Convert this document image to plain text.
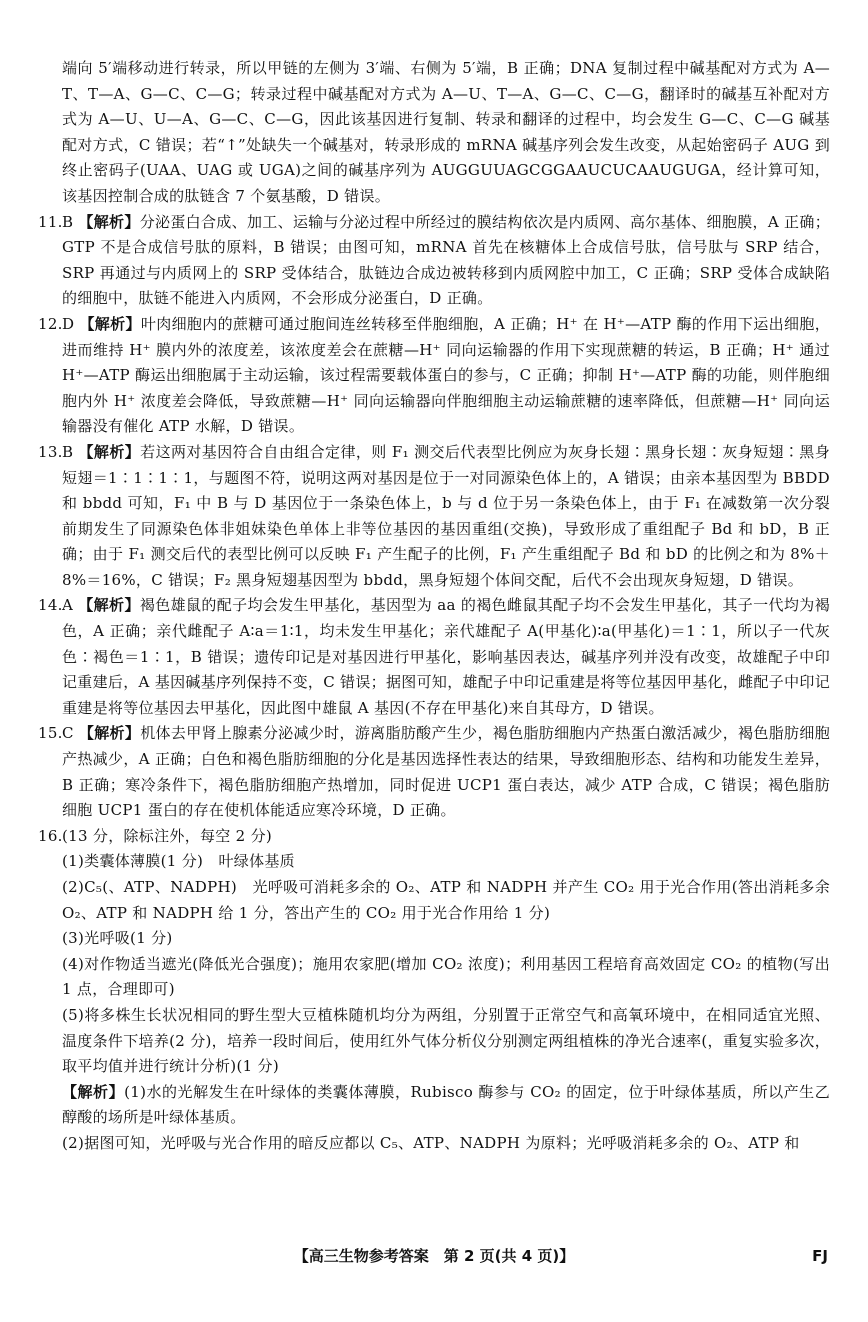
端向 5′端移动进行转录，所以甲链的左侧为 3′端、右侧为 5′端，B 正确；DNA 复制过程中碱基配对方式为 A—T、T—A、G—C、C—G；转录过程中碱基配对方式为 A—U、T—A、G—C、C—G，翻译时的碱基互补配对方式为 A—U、U—A、G—C、C—G，因此该基因进行复制、转录和翻译的过程中，均会发生 G—C、C—G 碱基配对方式，C 错误；若“↑”处缺失一个碱基对，转录形成的 mRNA 碱基序列会发生改变，从起始密码子 AUG 到终止密码子(UAA、UAG 或 UGA)之间的碱基序列为 AUGGUUAGCGGAAUCUCAAUGUGA，经计算可知，该基因控制合成的肽链含 7 个氨基酸，D 错误。

11.B 【解析】分泌蛋白合成、加工、运输与分泌过程中所经过的膜结构依次是内质网、高尔基体、细胞膜，A 正确；GTP 不是合成信号肽的原料，B 错误；由图可知，mRNA 首先在核糖体上合成信号肽，信号肽与 SRP 结合，SRP 再通过与内质网上的 SRP 受体结合，肽链边合成边被转移到内质网腔中加工，C 正确；SRP 受体合成缺陷的细胞中，肽链不能进入内质网，不会形成分泌蛋白，D 正确。

12.D 【解析】叶肉细胞内的蔗糖可通过胞间连丝转移至伴胞细胞，A 正确；H⁺ 在 H⁺—ATP 酶的作用下运出细胞，进而维持 H⁺ 膜内外的浓度差，该浓度差会在蔗糖—H⁺ 同向运输器的作用下实现蔗糖的转运，B 正确；H⁺ 通过 H⁺—ATP 酶运出细胞属于主动运输，该过程需要载体蛋白的参与，C 正确；抑制 H⁺—ATP 酶的功能，则伴胞细胞内外 H⁺ 浓度差会降低，导致蔗糖—H⁺ 同向运输器向伴胞细胞主动运输蔗糖的速率降低，但蔗糖—H⁺ 同向运输器没有催化 ATP 水解，D 错误。

13.B 【解析】若这两对基因符合自由组合定律，则 F₁ 测交后代表型比例应为灰身长翅∶黑身长翅∶灰身短翅∶黑身短翅＝1∶1∶1∶1，与题图不符，说明这两对基因是位于一对同源染色体上的，A 错误；由亲本基因型为 BBDD 和 bbdd 可知，F₁ 中 B 与 D 基因位于一条染色体上，b 与 d 位于另一条染色体上，由于 F₁ 在减数第一次分裂前期发生了同源染色体非姐妹染色单体上非等位基因的基因重组(交换)，导致形成了重组配子 Bd 和 bD，B 正确；由于 F₁ 测交后代的表型比例可以反映 F₁ 产生配子的比例，F₁ 产生重组配子 Bd 和 bD 的比例之和为 8%＋8%＝16%，C 错误；F₂ 黑身短翅基因型为 bbdd，黑身短翅个体间交配，后代不会出现灰身短翅，D 错误。

14.A 【解析】褐色雄鼠的配子均会发生甲基化，基因型为 aa 的褐色雌鼠其配子均不会发生甲基化，其子一代均为褐色，A 正确；亲代雌配子 A∶a＝1∶1，均未发生甲基化；亲代雄配子 A(甲基化)∶a(甲基化)＝1∶1，所以子一代灰色∶褐色＝1∶1，B 错误；遗传印记是对基因进行甲基化，影响基因表达，碱基序列并没有改变，故雄配子中印记重建后，A 基因碱基序列保持不变，C 错误；据图可知，雄配子中印记重建是将等位基因甲基化，雌配子中印记重建是将等位基因去甲基化，因此图中雄鼠 A 基因(不存在甲基化)来自其母方，D 错误。

15.C 【解析】机体去甲肾上腺素分泌减少时，游离脂肪酸产生少，褐色脂肪细胞内产热蛋白激活减少，褐色脂肪细胞产热减少，A 正确；白色和褐色脂肪细胞的分化是基因选择性表达的结果，导致细胞形态、结构和功能发生差异，B 正确；寒冷条件下，褐色脂肪细胞产热增加，同时促进 UCP1 蛋白表达，减少 ATP 合成，C 错误；褐色脂肪细胞 UCP1 蛋白的存在使机体能适应寒冷环境，D 正确。

16.(13 分，除标注外，每空 2 分)

(1)类囊体薄膜(1 分)　叶绿体基质

(2)C₅(、ATP、NADPH)　光呼吸可消耗多余的 O₂、ATP 和 NADPH 并产生 CO₂ 用于光合作用(答出消耗多余 O₂、ATP 和 NADPH 给 1 分，答出产生的 CO₂ 用于光合作用给 1 分)

(3)光呼吸(1 分)

(4)对作物适当遮光(降低光合强度)；施用农家肥(增加 CO₂ 浓度)；利用基因工程培育高效固定 CO₂ 的植物(写出 1 点，合理即可)

(5)将多株生长状况相同的野生型大豆植株随机均分为两组，分别置于正常空气和高氧环境中，在相同适宜光照、温度条件下培养(2 分)，培养一段时间后，使用红外气体分析仪分别测定两组植株的净光合速率(，重复实验多次，取平均值并进行统计分析)(1 分)

【解析】(1)水的光解发生在叶绿体的类囊体薄膜，Rubisco 酶参与 CO₂ 的固定，位于叶绿体基质，所以产生乙醇酸的场所是叶绿体基质。

(2)据图可知，光呼吸与光合作用的暗反应都以 C₅、ATP、NADPH 为原料；光呼吸消耗多余的 O₂、ATP 和

【高三生物参考答案　第 2 页(共 4 页)】	FJ
